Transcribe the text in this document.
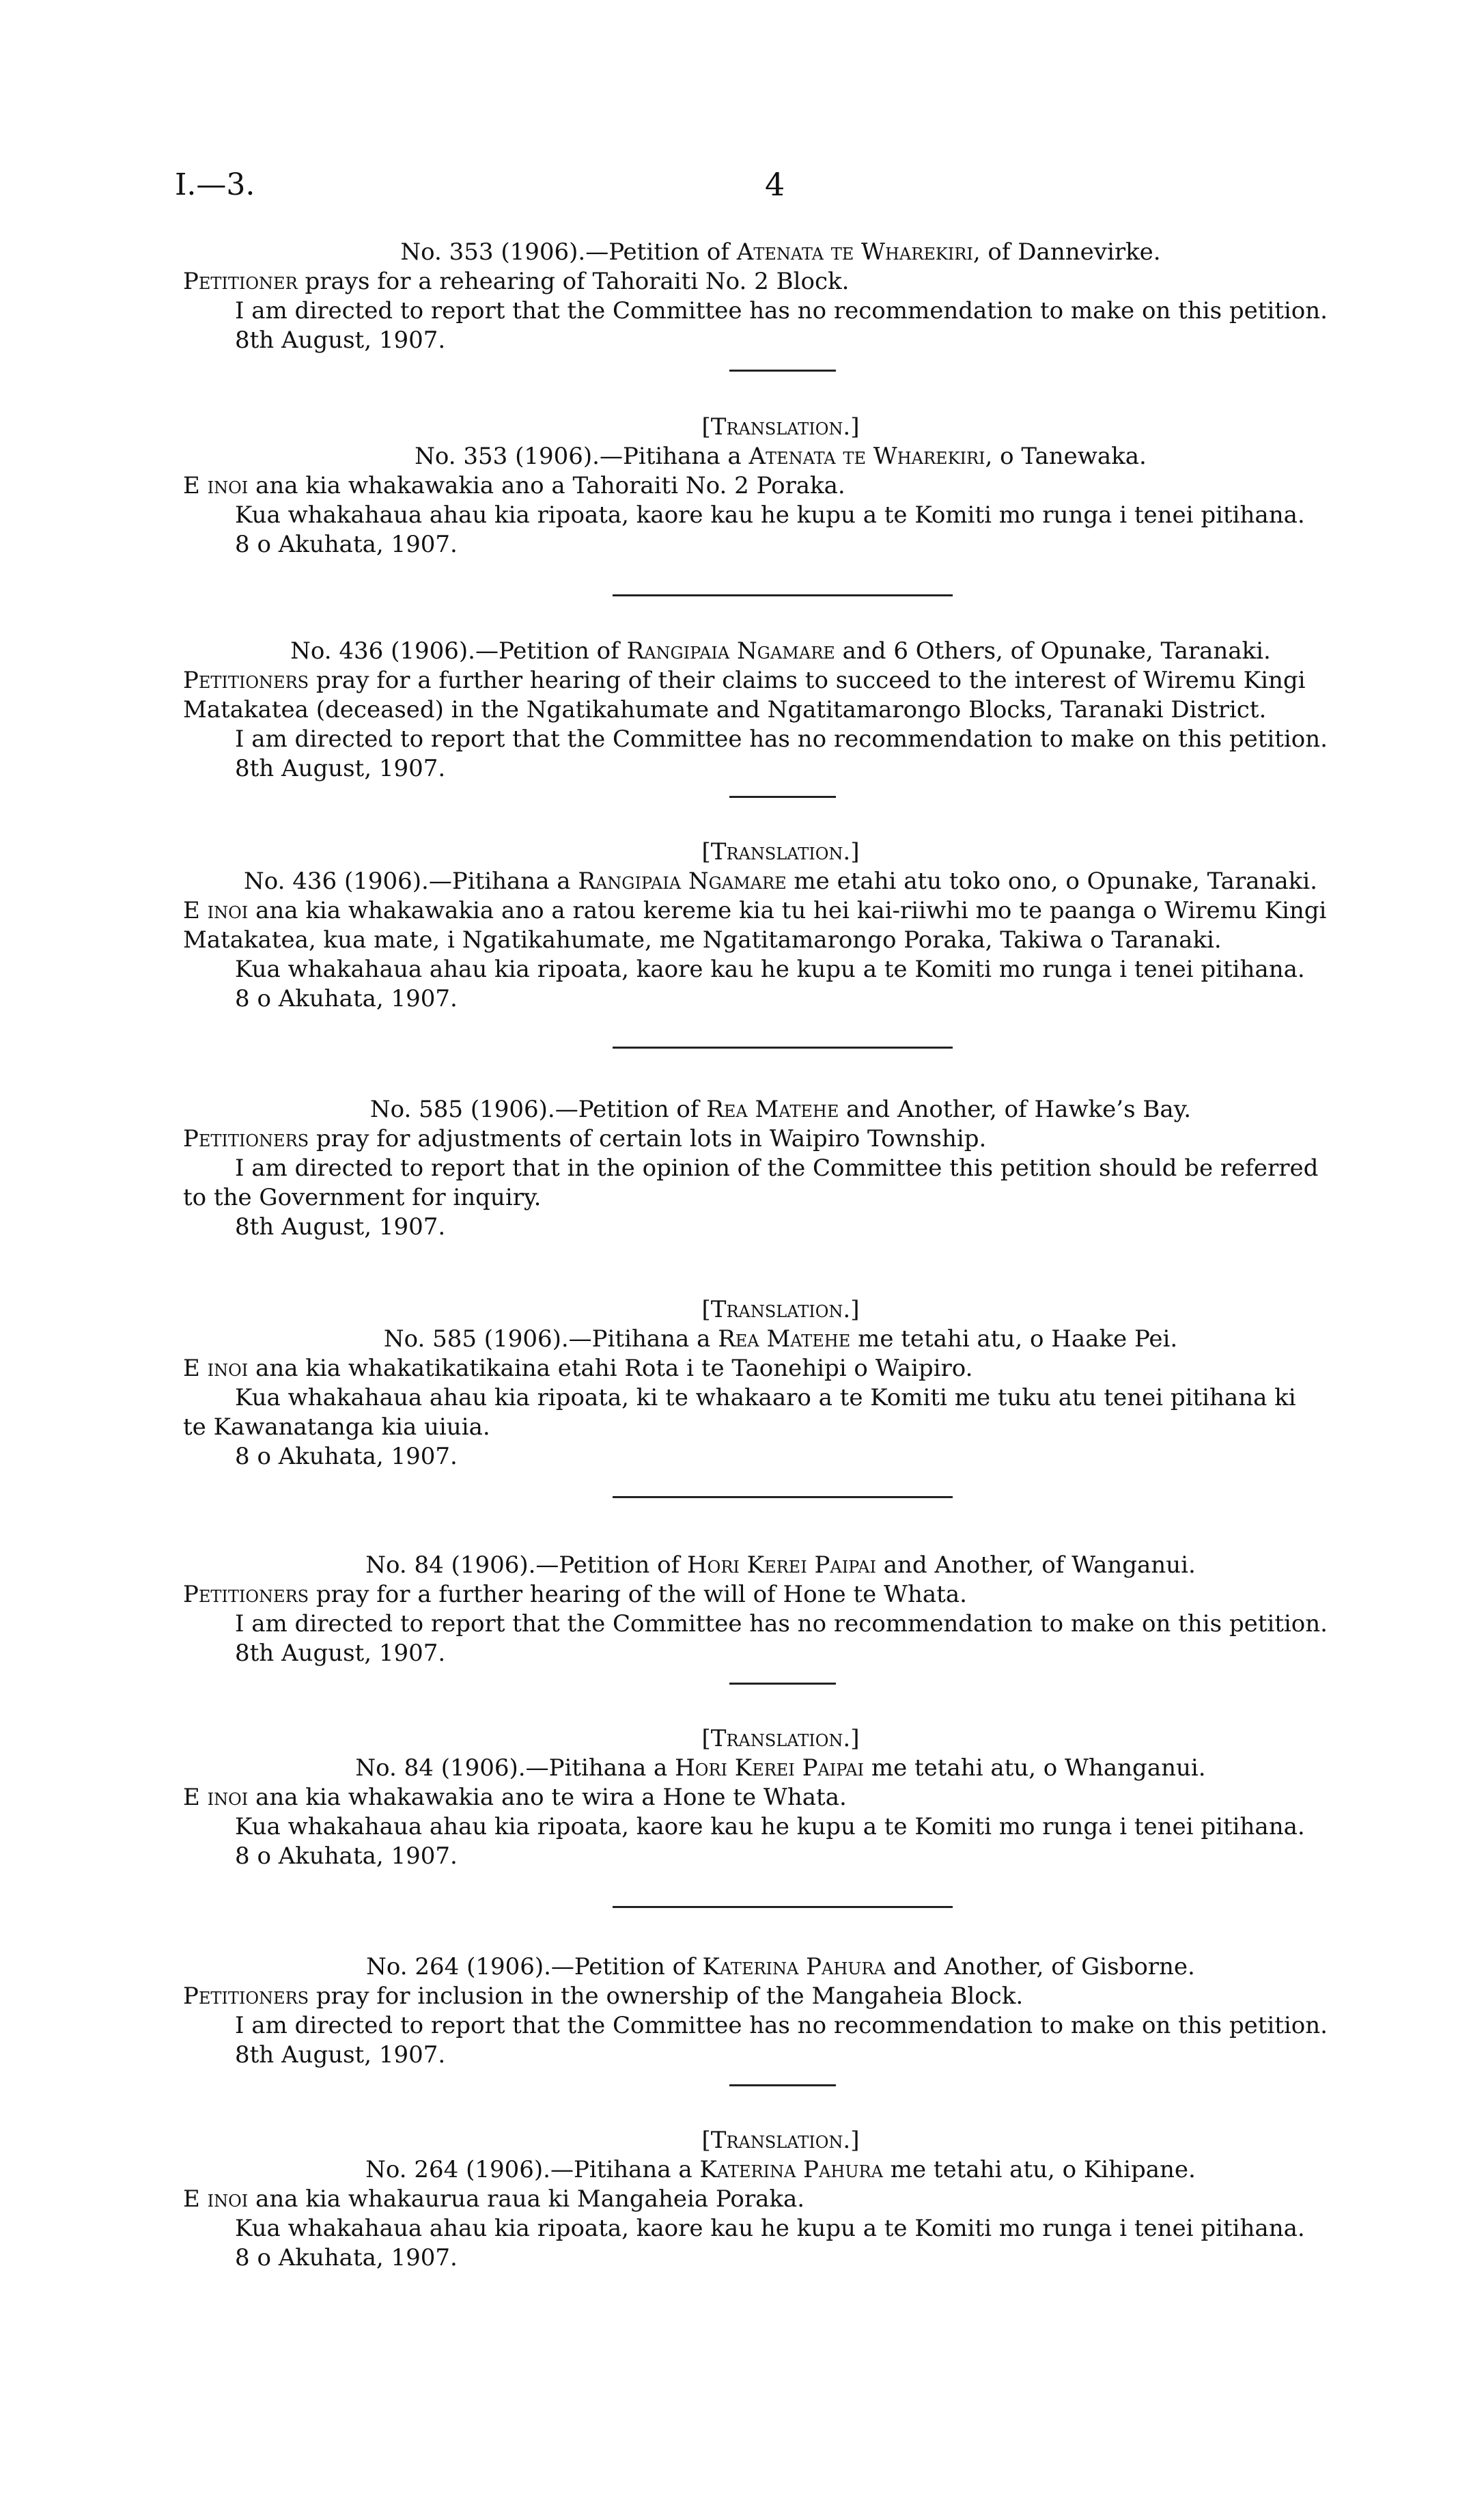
I.—3.	4
No. 353 (1906).—Petition of Atenata te Wharekiri, of Dannevirke.

Petitioner prays for a rehearing of Tahoraiti No. 2 Block.

I am directed to report that the Committee has no recommendation to make on this petition.

8th August, 1907.

[Translation.]
No. 353 (1906).—Pitihana a Atenata te Wharekiri, o Tanewaka.

E inoi ana kia whakawakia ano a Tahoraiti No. 2 Poraka.

Kua whakahaua ahau kia ripoata, kaore kau he kupu a te Komiti mo runga i tenei pitihana.

8 o Akuhata, 1907.

No. 436 (1906).—Petition of Rangipaia Ngamare and 6 Others, of Opunake, Taranaki.

Petitioners pray for a further hearing of their claims to succeed to the interest of Wiremu Kingi

Matakatea (deceased) in the Ngatikahumate and Ngatitamarongo Blocks, Taranaki District.

I am directed to report that the Committee has no recommendation to make on this petition.

8th August, 1907.

[Translation.]
No. 436 (1906).—Pitihana a Rangipaia Ngamare me etahi atu toko ono, o Opunake, Taranaki.

E inoi ana kia whakawakia ano a ratou kereme kia tu hei kai-riiwhi mo te paanga o Wiremu Kingi

Matakatea, kua mate, i Ngatikahumate, me Ngatitamarongo Poraka, Takiwa o Taranaki.

Kua whakahaua ahau kia ripoata, kaore kau he kupu a te Komiti mo runga i tenei pitihana.

8 o Akuhata, 1907.

No. 585 (1906).—Petition of Rea Matehe and Another, of Hawke’s Bay.

Petitioners pray for adjustments of certain lots in Waipiro Township.

I am directed to report that in the opinion of the Committee this petition should be referred

to the Government for inquiry.

8th August, 1907.

[Translation.]
No. 585 (1906).—Pitihana a Rea Matehe me tetahi atu, o Haake Pei.

E inoi ana kia whakatikatikaina etahi Rota i te Taonehipi o Waipiro.

Kua whakahaua ahau kia ripoata, ki te whakaaro a te Komiti me tuku atu tenei pitihana ki

te Kawanatanga kia uiuia.

8 o Akuhata, 1907.

No. 84 (1906).—Petition of Hori Kerei Paipai and Another, of Wanganui.

Petitioners pray for a further hearing of the will of Hone te Whata.

I am directed to report that the Committee has no recommendation to make on this petition.

8th August, 1907.

[Translation.]
No. 84 (1906).—Pitihana a Hori Kerei Paipai me tetahi atu, o Whanganui.

E inoi ana kia whakawakia ano te wira a Hone te Whata.

Kua whakahaua ahau kia ripoata, kaore kau he kupu a te Komiti mo runga i tenei pitihana.

8 o Akuhata, 1907.

No. 264 (1906).—Petition of Katerina Pahura and Another, of Gisborne.

Petitioners pray for inclusion in the ownership of the Mangaheia Block.

I am directed to report that the Committee has no recommendation to make on this petition.

8th August, 1907.

[Translation.]
No. 264 (1906).—Pitihana a Katerina Pahura me tetahi atu, o Kihipane.

E inoi ana kia whakaurua raua ki Mangaheia Poraka.

Kua whakahaua ahau kia ripoata, kaore kau he kupu a te Komiti mo runga i tenei pitihana.

8 o Akuhata, 1907.
